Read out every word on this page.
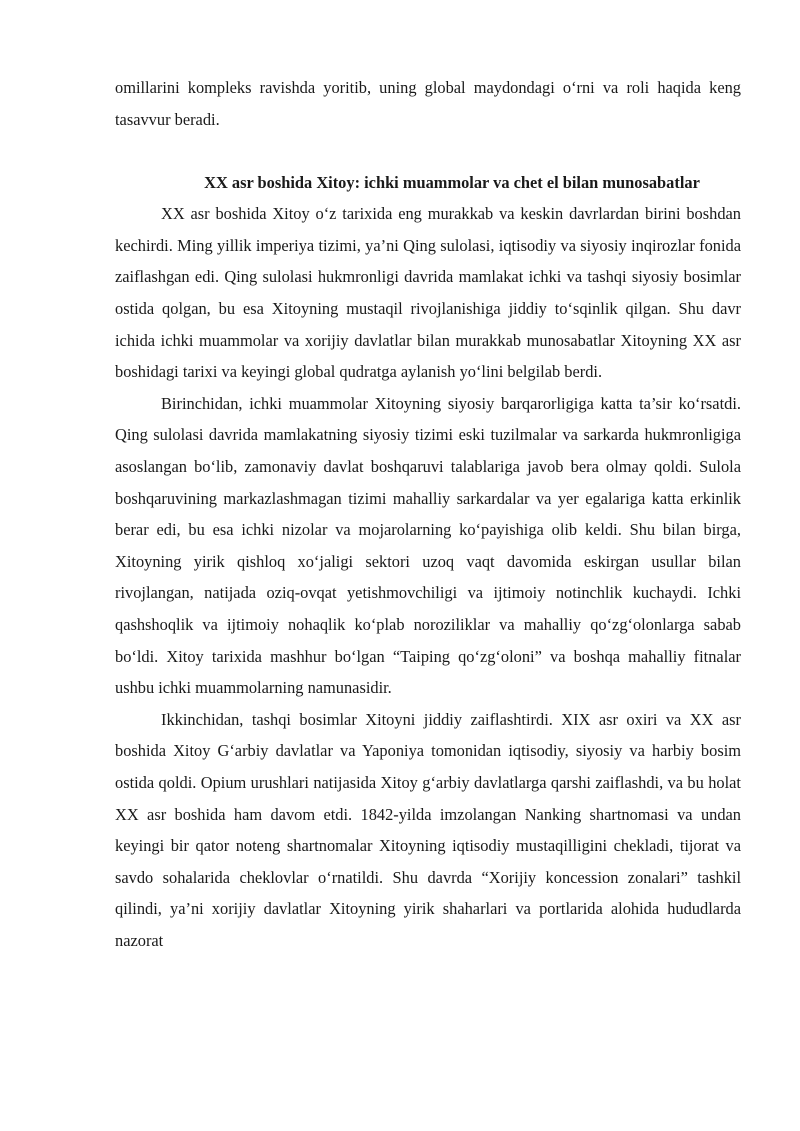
omillarini kompleks ravishda yoritib, uning global maydondagi o‘rni va roli haqida keng tasavvur beradi.

XX asr boshida Xitoy: ichki muammolar va chet el bilan munosabatlar

XX asr boshida Xitoy o‘z tarixida eng murakkab va keskin davrlardan birini boshdan kechirdi. Ming yillik imperiya tizimi, ya’ni Qing sulolasi, iqtisodiy va siyosiy inqirozlar fonida zaiflashgan edi. Qing sulolasi hukmronligi davrida mamlakat ichki va tashqi siyosiy bosimlar ostida qolgan, bu esa Xitoyning mustaqil rivojlanishiga jiddiy to‘sqinlik qilgan. Shu davr ichida ichki muammolar va xorijiy davlatlar bilan murakkab munosabatlar Xitoyning XX asr boshidagi tarixi va keyingi global qudratga aylanish yo‘lini belgilab berdi.

Birinchidan, ichki muammolar Xitoyning siyosiy barqarorligiga katta ta’sir ko‘rsatdi. Qing sulolasi davrida mamlakatning siyosiy tizimi eski tuzilmalar va sarkarda hukmronligiga asoslangan bo‘lib, zamonaviy davlat boshqaruvi talablariga javob bera olmay qoldi. Sulola boshqaruvining markazlashmagan tizimi mahalliy sarkardalar va yer egalariga katta erkinlik berar edi, bu esa ichki nizolar va mojarolarning ko‘payishiga olib keldi. Shu bilan birga, Xitoyning yirik qishloq xo‘jaligi sektori uzoq vaqt davomida eskirgan usullar bilan rivojlangan, natijada oziq-ovqat yetishmovchiligi va ijtimoiy notinchlik kuchaydi. Ichki qashshoqlik va ijtimoiy nohaqlik ko‘plab noroziliklar va mahalliy qo‘zg‘olonlarga sabab bo‘ldi. Xitoy tarixida mashhur bo‘lgan “Taiping qo‘zg‘oloni” va boshqa mahalliy fitnalar ushbu ichki muammolarning namunasidir.

Ikkinchidan, tashqi bosimlar Xitoyni jiddiy zaiflashtirdi. XIX asr oxiri va XX asr boshida Xitoy G‘arbiy davlatlar va Yaponiya tomonidan iqtisodiy, siyosiy va harbiy bosim ostida qoldi. Opium urushlari natijasida Xitoy g‘arbiy davlatlarga qarshi zaiflashdi, va bu holat XX asr boshida ham davom etdi. 1842-yilda imzolangan Nanking shartnomasi va undan keyingi bir qator noteng shartnomalar Xitoyning iqtisodiy mustaqilligini chekladi, tijorat va savdo sohalarida cheklovlar o‘rnatildi. Shu davrda “Xorijiy koncession zonalari” tashkil qilindi, ya’ni xorijiy davlatlar Xitoyning yirik shaharlari va portlarida alohida hududlarda nazorat
